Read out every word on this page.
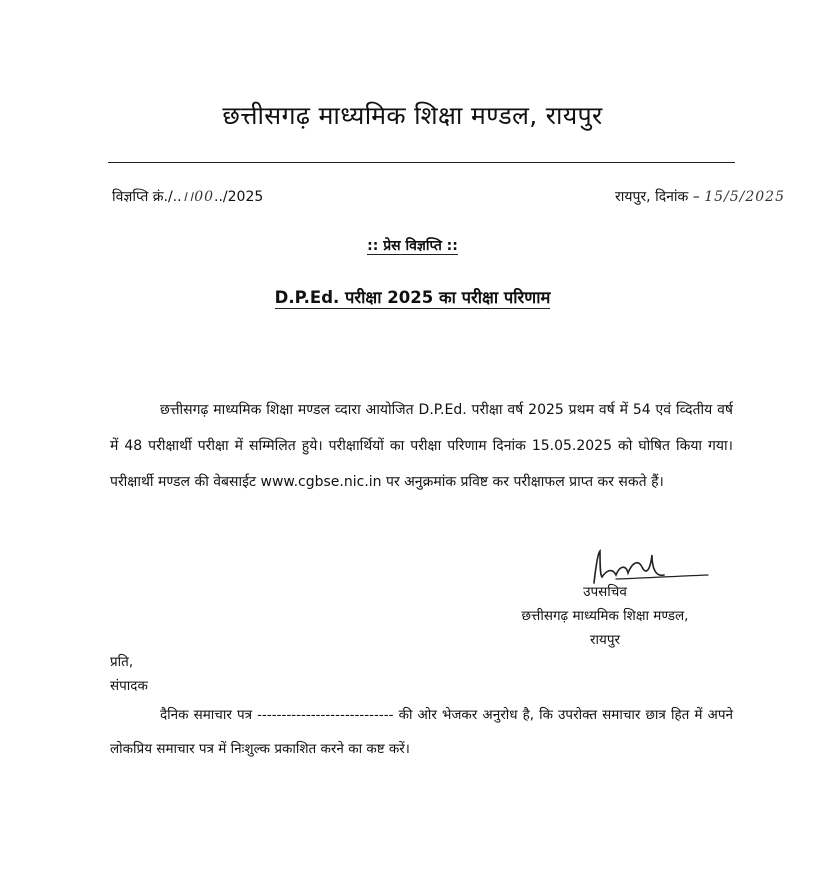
छत्तीसगढ़ माध्यमिक शिक्षा मण्डल, रायपुर
विज्ञप्ति क्रं./..।।00../2025	रायपुर, दिनांक – 15/5/2025
:: प्रेस विज्ञप्ति ::
D.P.Ed. परीक्षा 2025 का परीक्षा परिणाम
छत्तीसगढ़ माध्यमिक शिक्षा मण्डल व्दारा आयोजित D.P.Ed. परीक्षा वर्ष 2025 प्रथम वर्ष में 54 एवं व्दितीय वर्ष में 48 परीक्षार्थी परीक्षा में सम्मिलित हुये। परीक्षार्थियों का परीक्षा परिणाम दिनांक 15.05.2025 को घोषित किया गया। परीक्षार्थी मण्डल की वेबसाईट www.cgbse.nic.in पर अनुक्रमांक प्रविष्ट कर परीक्षाफल प्राप्त कर सकते हैं।
उपसचिव
छत्तीसगढ़ माध्यमिक शिक्षा मण्डल,
रायपुर
प्रति,
संपादक
दैनिक समाचार पत्र ---------------------------- की ओर भेजकर अनुरोध है, कि उपरोक्त समाचार छात्र हित में अपने लोकप्रिय समाचार पत्र में निःशुल्क प्रकाशित करने का कष्ट करें।
